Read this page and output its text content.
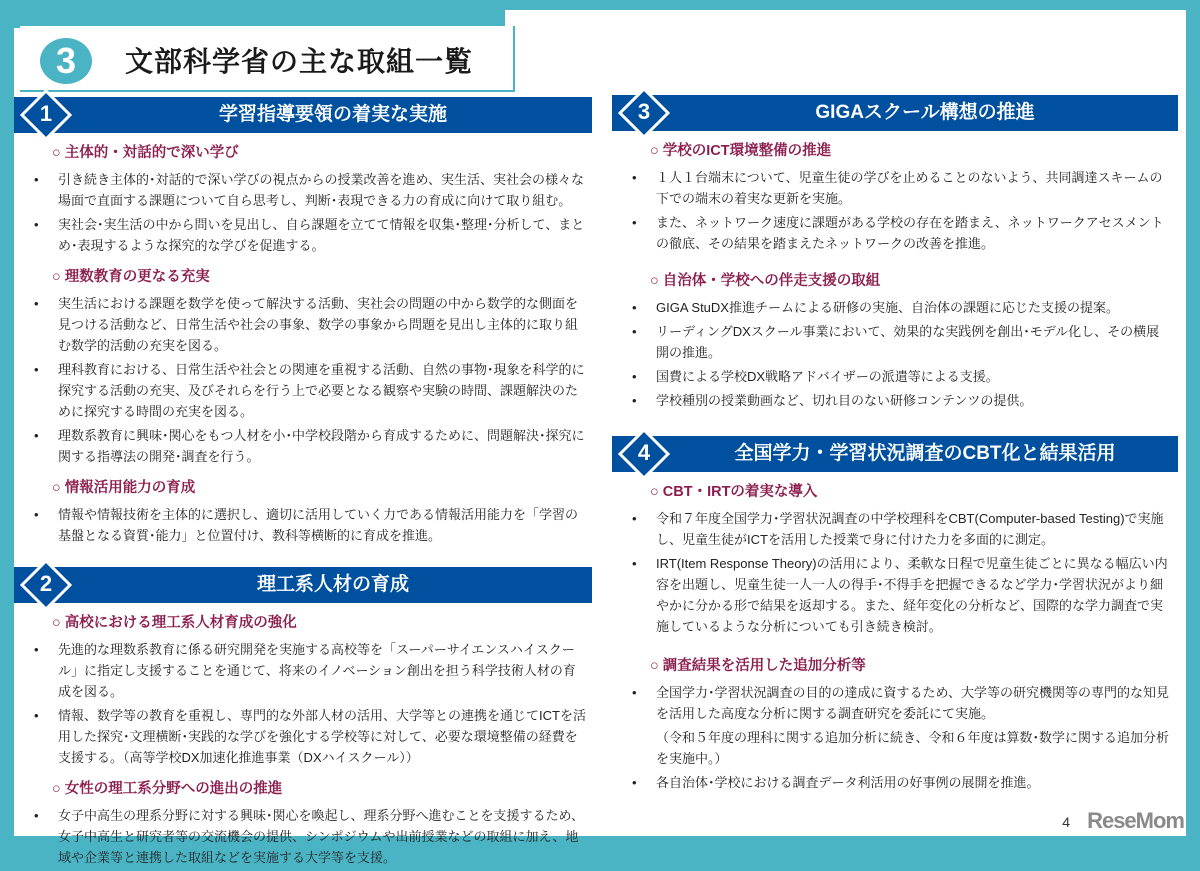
3	文部科学省の主な取組一覧
1	学習指導要領の着実な実施
○ 主体的・対話的で深い学び
• 引き続き主体的･対話的で深い学びの視点からの授業改善を進め、実生活、実社会の様々な場面で直面する課題について自ら思考し、判断･表現できる力の育成に向けて取り組む。
• 実社会･実生活の中から問いを見出し、自ら課題を立てて情報を収集･整理･分析して、まとめ･表現するような探究的な学びを促進する。
○ 理数教育の更なる充実
• 実生活における課題を数学を使って解決する活動、実社会の問題の中から数学的な側面を見つける活動など、日常生活や社会の事象、数学の事象から問題を見出し主体的に取り組む数学的活動の充実を図る。
• 理科教育における、日常生活や社会との関連を重視する活動、自然の事物･現象を科学的に探究する活動の充実、及びそれらを行う上で必要となる観察や実験の時間、課題解決のために探究する時間の充実を図る。
• 理数系教育に興味･関心をもつ人材を小･中学校段階から育成するために、問題解決･探究に関する指導法の開発･調査を行う。
○ 情報活用能力の育成
• 情報や情報技術を主体的に選択し、適切に活用していく力である情報活用能力を「学習の基盤となる資質･能力」と位置付け、教科等横断的に育成を推進。
2	理工系人材の育成
○ 高校における理工系人材育成の強化
• 先進的な理数系教育に係る研究開発を実施する高校等を「スーパーサイエンスハイスクール」に指定し支援することを通じて、将来のイノベーション創出を担う科学技術人材の育成を図る。
• 情報、数学等の教育を重視し、専門的な外部人材の活用、大学等との連携を通じてICTを活用した探究･文理横断･実践的な学びを強化する学校等に対して、必要な環境整備の経費を支援する。（高等学校DX加速化推進事業（DXハイスクール））
○ 女性の理工系分野への進出の推進
• 女子中高生の理系分野に対する興味･関心を喚起し、理系分野へ進むことを支援するため、女子中高生と研究者等の交流機会の提供、シンポジウムや出前授業などの取組に加え、地域や企業等と連携した取組などを実施する大学等を支援。
3	GIGAスクール構想の推進
○ 学校のICT環境整備の推進
• １人１台端末について、児童生徒の学びを止めることのないよう、共同調達スキームの下での端末の着実な更新を実施。
• また、ネットワーク速度に課題がある学校の存在を踏まえ、ネットワークアセスメントの徹底、その結果を踏まえたネットワークの改善を推進。
○ 自治体・学校への伴走支援の取組
• GIGA StuDX推進チームによる研修の実施、自治体の課題に応じた支援の提案。
• リーディングDXスクール事業において、効果的な実践例を創出･モデル化し、その横展開の推進。
• 国費による学校DX戦略アドバイザーの派遣等による支援。
• 学校種別の授業動画など、切れ目のない研修コンテンツの提供。
4	全国学力・学習状況調査のCBT化と結果活用
○ CBT・IRTの着実な導入
• 令和７年度全国学力･学習状況調査の中学校理科をCBT(Computer-based Testing)で実施し、児童生徒がICTを活用した授業で身に付けた力を多面的に測定。
• IRT(Item Response Theory)の活用により、柔軟な日程で児童生徒ごとに異なる幅広い内容を出題し、児童生徒一人一人の得手･不得手を把握できるなど学力･学習状況がより細やかに分かる形で結果を返却する。また、経年変化の分析など、国際的な学力調査で実施しているような分析についても引き続き検討。
○ 調査結果を活用した追加分析等
• 全国学力･学習状況調査の目的の達成に資するため、大学等の研究機関等の専門的な知見を活用した高度な分析に関する調査研究を委託にて実施。
（令和５年度の理科に関する追加分析に続き、令和６年度は算数･数学に関する追加分析を実施中。）
• 各自治体･学校における調査データ利活用の好事例の展開を推進。
4 ReseMom
